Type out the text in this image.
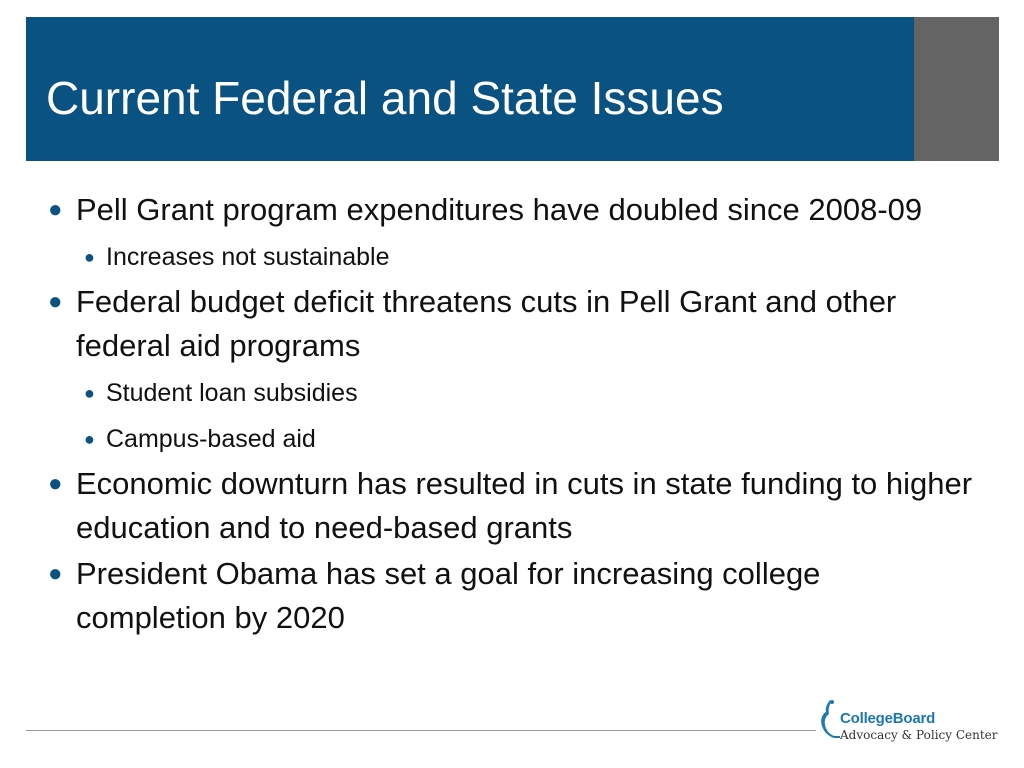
Current Federal and State Issues
● Pell Grant program expenditures have doubled since 2008-09
● Increases not sustainable
● Federal budget deficit threatens cuts in Pell Grant and other federal aid programs
● Student loan subsidies
● Campus-based aid
● Economic downturn has resulted in cuts in state funding to higher education and to need-based grants
● President Obama has set a goal for increasing college completion by 2020
CollegeBoard
Advocacy & Policy Center
